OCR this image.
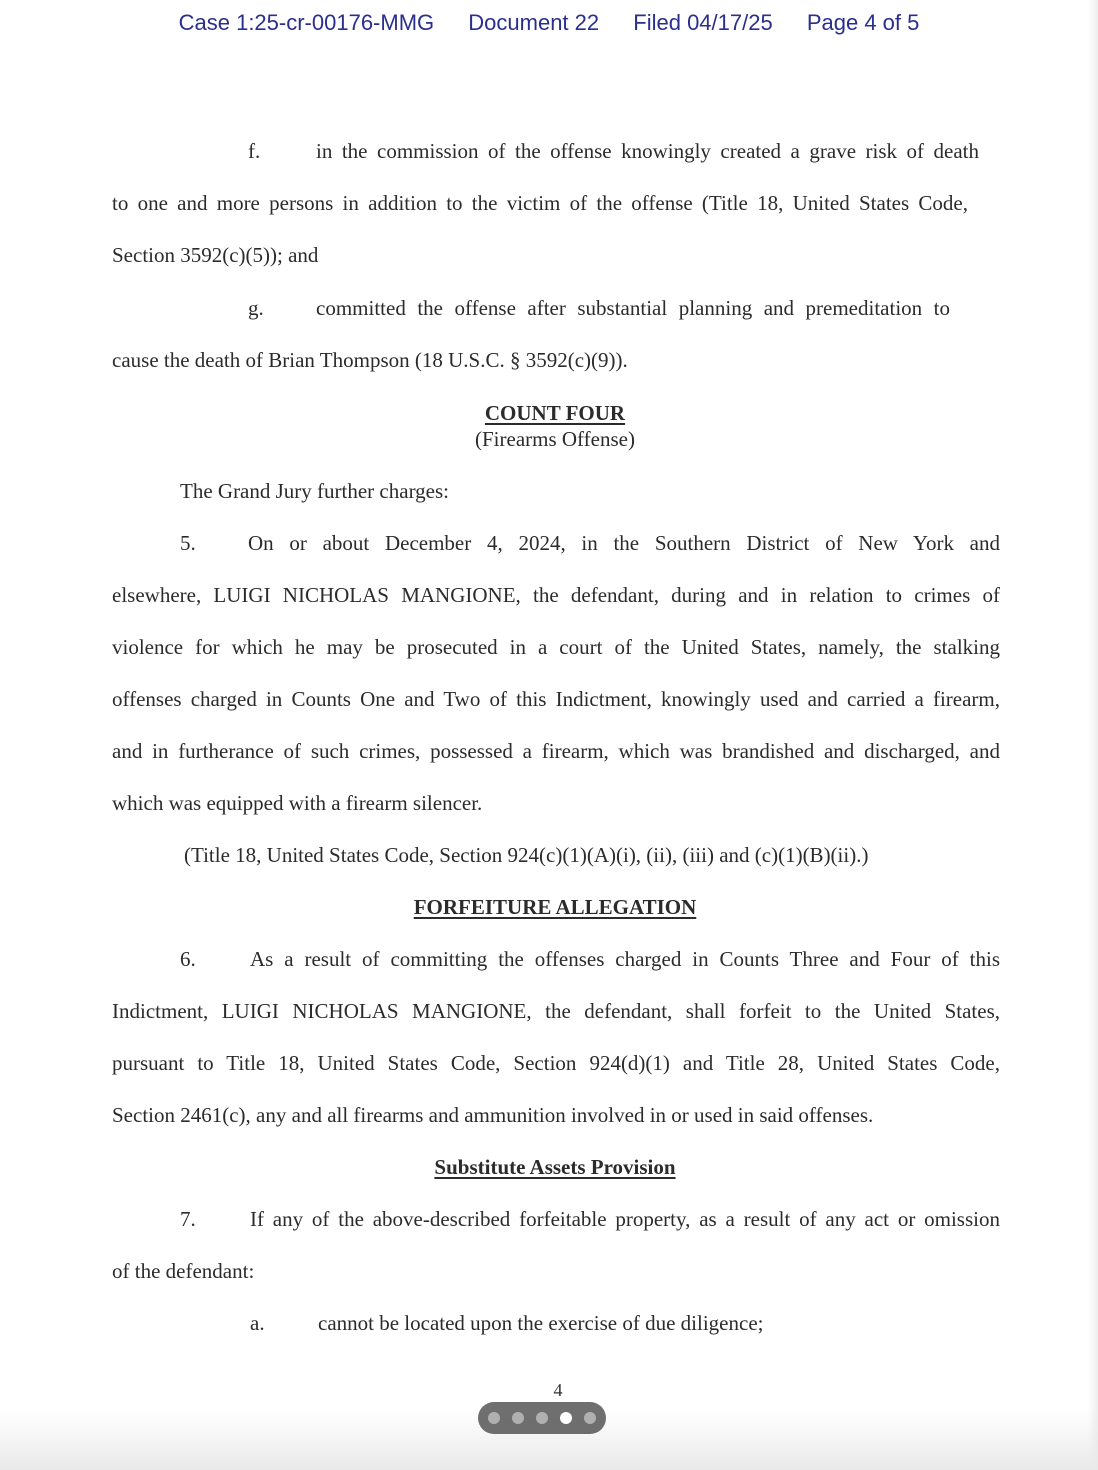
Case 1:25-cr-00176-MMG Document 22 Filed 04/17/25 Page 4 of 5
f.	in the commission of the offense knowingly created a grave risk of death
to one and more persons in addition to the victim of the offense (Title 18, United States Code,
Section 3592(c)(5)); and
g. committed the offense after substantial planning and premeditation to
cause the death of Brian Thompson (18 U.S.C. § 3592(c)(9)).
COUNT FOUR
(Firearms Offense)
The Grand Jury further charges:
5. On or about December 4, 2024, in the Southern District of New York and
elsewhere, LUIGI NICHOLAS MANGIONE, the defendant, during and in relation to crimes of
violence for which he may be prosecuted in a court of the United States, namely, the stalking
offenses charged in Counts One and Two of this Indictment, knowingly used and carried a firearm,
and in furtherance of such crimes, possessed a firearm, which was brandished and discharged, and
which was equipped with a firearm silencer.
(Title 18, United States Code, Section 924(c)(1)(A)(i), (ii), (iii) and (c)(1)(B)(ii).)
FORFEITURE ALLEGATION
6.	As a result of committing the offenses charged in Counts Three and Four of this
Indictment, LUIGI NICHOLAS MANGIONE, the defendant, shall forfeit to the United States,
pursuant to Title 18, United States Code, Section 924(d)(1) and Title 28, United States Code,
Section 2461(c), any and all firearms and ammunition involved in or used in said offenses.
Substitute Assets Provision
7.	If any of the above-described forfeitable property, as a result of any act or omission
of the defendant:
a.	cannot be located upon the exercise of due diligence;
4
